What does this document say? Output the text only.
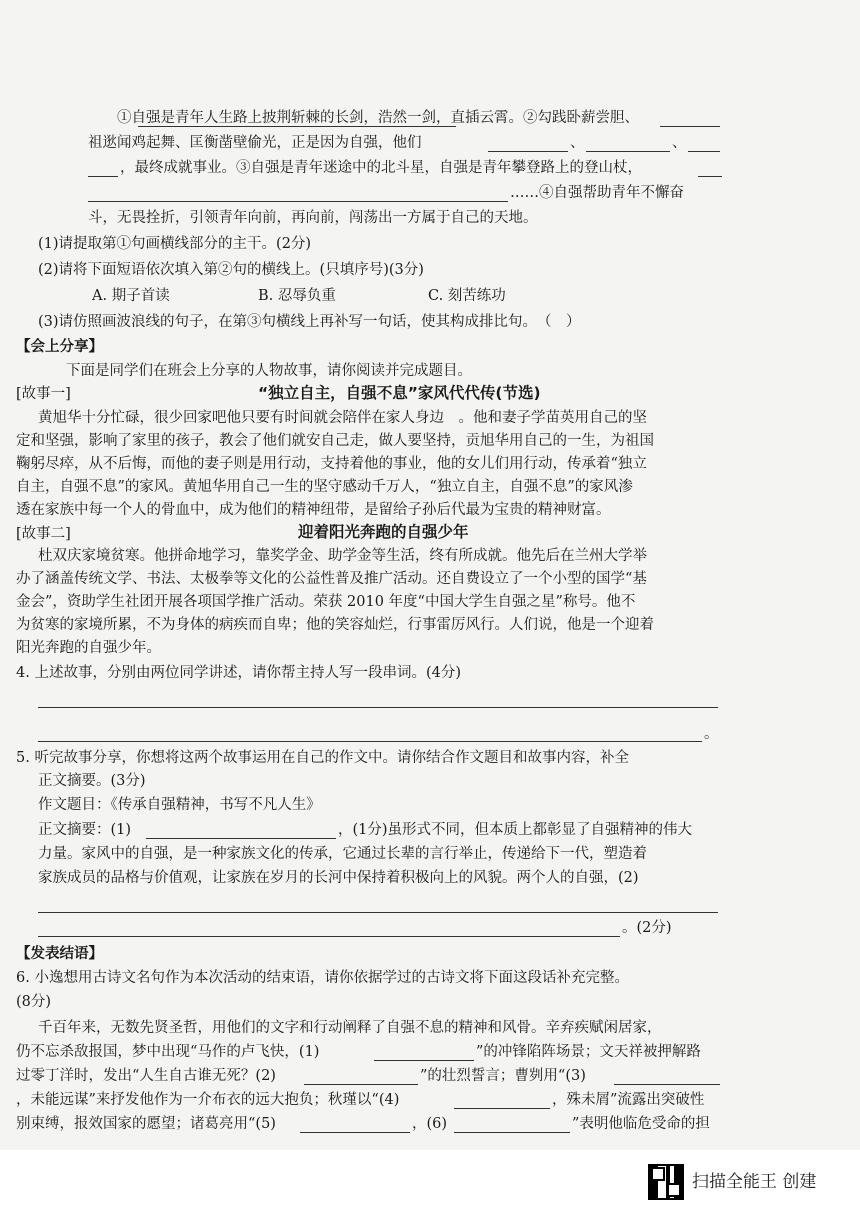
①自强是青年人生路上披荆斩棘的长剑，浩然一剑，直插云霄。②勾践卧薪尝胆、
祖逖闻鸡起舞、匡衡凿壁偷光，正是因为自强，他们	、	、
，最终成就事业。③自强是青年迷途中的北斗星，自强是青年攀登路上的登山杖，
……④自强帮助青年不懈奋
斗，无畏拴折，引领青年向前，再向前，闯荡出一方属于自己的天地。
(1)请提取第①句画横线部分的主干。(2分)
(2)请将下面短语依次填入第②句的横线上。(只填序号)(3分)
A. 期子首读	B. 忍辱负重	C. 刻苦练功
(3)请仿照画波浪线的句子，在第③句横线上再补写一句话，使其构成排比句。　（　）
【会上分享】
下面是同学们在班会上分享的人物故事，请你阅读并完成题目。
[故事一]	“独立自主，自强不息”家风代代传(节选)
黄旭华十分忙碌，很少回家吧他只要有时间就会陪伴在家人身边　。他和妻子学苗英用自己的坚
定和坚强，影响了家里的孩子，教会了他们就安自己走，做人要坚持，贡旭华用自己的一生，为祖国
鞠躬尽瘁，从不后悔，而他的妻子则是用行动，支持着他的事业，他的女儿们用行动，传承着“独立
自主，自强不息”的家风。黄旭华用自己一生的坚守感动千万人，“独立自主，自强不息”的家风渗
透在家族中每一个人的骨血中，成为他们的精神纽带，是留给子孙后代最为宝贵的精神财富。
[故事二]	迎着阳光奔跑的自强少年
杜双庆家境贫寒。他拼命地学习，靠奖学金、助学金等生活，终有所成就。他先后在兰州大学举
办了涵盖传统文学、书法、太极拳等文化的公益性普及推广活动。还自费设立了一个小型的国学“基
金会”，资助学生社团开展各项国学推广活动。荣获 2010 年度“中国大学生自强之星”称号。他不
为贫寒的家境所累，不为身体的病疾而自卑；他的笑容灿烂，行事雷厉风行。人们说，他是一个迎着
阳光奔跑的自强少年。
4. 上述故事，分别由两位同学讲述，请你帮主持人写一段串词。(4分)
。
5. 听完故事分享，你想将这两个故事运用在自己的作文中。请你结合作文题目和故事内容，补全
正文摘要。(3分)
作文题目：《传承自强精神，书写不凡人生》
正文摘要：(1)	，(1分)虽形式不同，但本质上都彰显了自强精神的伟大
力量。家风中的自强，是一种家族文化的传承，它通过长辈的言行举止，传递给下一代，塑造着
家族成员的品格与价值观，让家族在岁月的长河中保持着积极向上的风貌。两个人的自强，(2)
。(2分)
【发表结语】
6. 小逸想用古诗文名句作为本次活动的结束语，请你依据学过的古诗文将下面这段话补充完整。
(8分)
千百年来，无数先贤圣哲，用他们的文字和行动阐释了自强不息的精神和风骨。辛弃疾赋闲居家，
仍不忘杀敌报国，梦中出现“马作的卢飞快，(1)	”的冲锋陷阵场景；文天祥被押解路
过零丁洋时，发出“人生自古谁无死？(2)	”的壮烈誓言；曹刿用“(3)
，未能远谋”来抒发他作为一介布衣的远大抱负；秋瑾以“(4)	，殊未屑”流露出突破性
别束缚，报效国家的愿望；诸葛亮用“(5)	，(6)	”表明他临危受命的担
扫描全能王 创建
